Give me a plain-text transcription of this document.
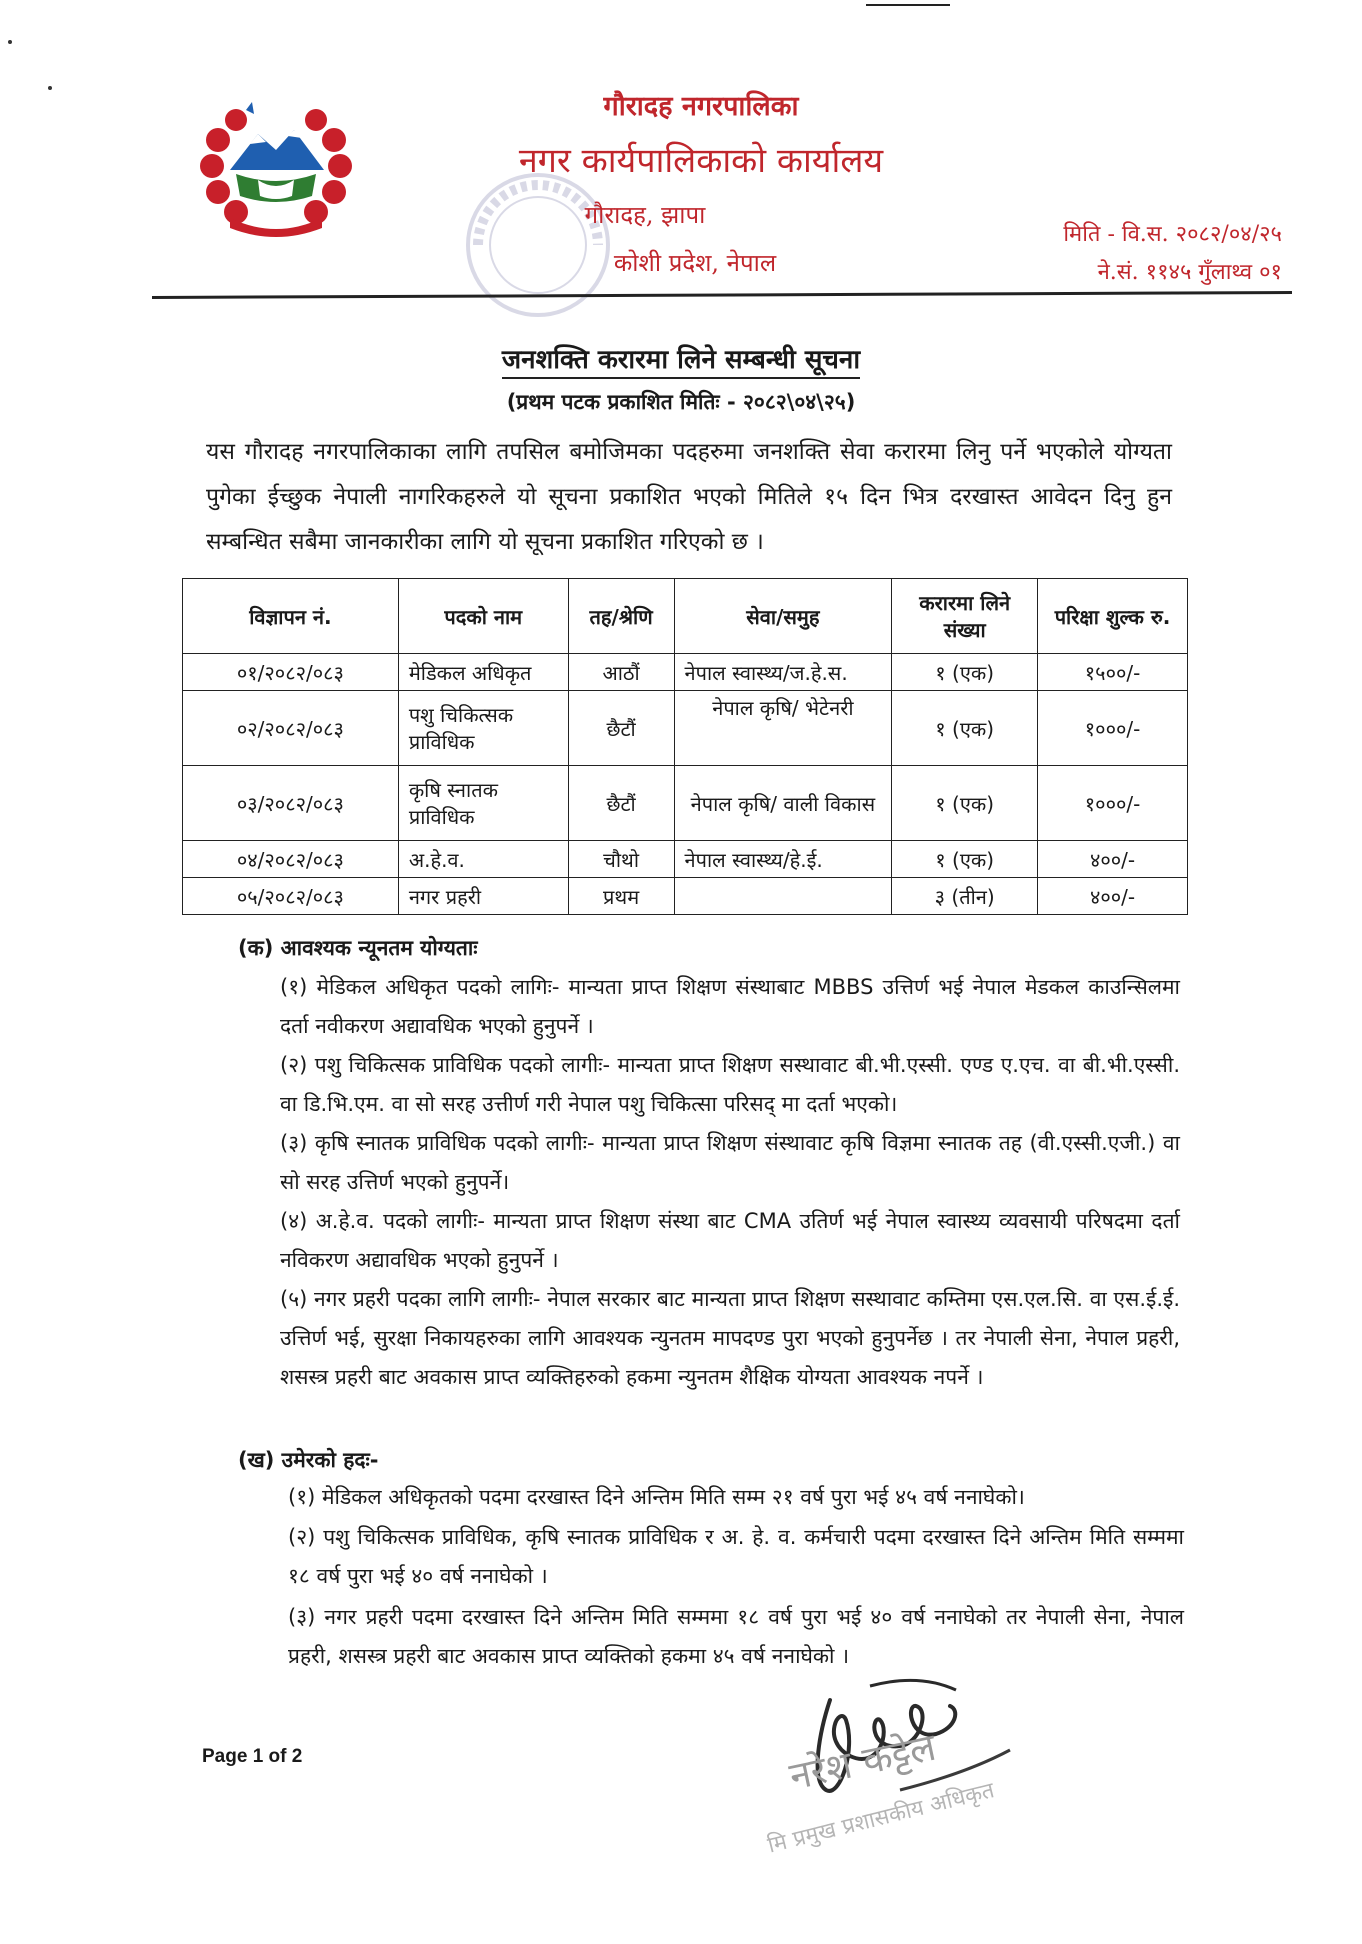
गौरादह नगरपालिका
नगर कार्यपालिकाको कार्यालय
गौरादह, झापा
कोशी प्रदेश, नेपाल
मिति - वि.स. २०८२/०४/२५
ने.सं. ११४५ गुँलाथ्व ०१
जनशक्ति करारमा लिने सम्बन्धी सूचना
(प्रथम पटक प्रकाशित मितिः - २०८२\०४\२५)
यस गौरादह नगरपालिकाका लागि तपसिल बमोजिमका पदहरुमा जनशक्ति सेवा करारमा लिनु पर्ने भएकोले योग्यता पुगेका ईच्छुक नेपाली नागरिकहरुले यो सूचना प्रकाशित भएको मितिले १५ दिन भित्र दरखास्त आवेदन दिनु हुन सम्बन्धित सबैमा जानकारीका लागि यो सूचना प्रकाशित गरिएको छ ।
विज्ञापन नं.	पदको नाम	तह/श्रेणि	सेवा/समुह	करारमा लिने संख्या	परिक्षा शुल्क रु.
०१/२०८२/०८३	मेडिकल अधिकृत	आठौं	नेपाल स्वास्थ्य/ज.हे.स.	१ (एक)	१५००/-
०२/२०८२/०८३	पशु चिकित्सक प्राविधिक	छैटौं	नेपाल कृषि/ भेटेनरी	१ (एक)	१०००/-
०३/२०८२/०८३	कृषि स्नातक प्राविधिक	छैटौं	नेपाल कृषि/ वाली विकास	१ (एक)	१०००/-
०४/२०८२/०८३	अ.हे.व.	चौथो	नेपाल स्वास्थ्य/हे.ई.	१ (एक)	४००/-
०५/२०८२/०८३	नगर प्रहरी	प्रथम		३ (तीन)	४००/-
(क) आवश्यक न्यूनतम योग्यताः
(१) मेडिकल अधिकृत पदको लागिः- मान्यता प्राप्त शिक्षण संस्थाबाट MBBS उत्तिर्ण भई नेपाल मेडकल काउन्सिलमा दर्ता नवीकरण अद्यावधिक भएको हुनुपर्ने ।
(२) पशु चिकित्सक प्राविधिक पदको लागीः- मान्यता प्राप्त शिक्षण सस्थावाट बी.भी.एस्सी. एण्ड ए.एच. वा बी.भी.एस्सी. वा डि.भि.एम. वा सो सरह उत्तीर्ण गरी नेपाल पशु चिकित्सा परिसद् मा दर्ता भएको।
(३) कृषि स्नातक प्राविधिक पदको लागीः- मान्यता प्राप्त शिक्षण संस्थावाट कृषि विज्ञमा स्नातक तह (वी.एस्सी.एजी.) वा सो सरह उत्तिर्ण भएको हुनुपर्ने।
(४) अ.हे.व. पदको लागीः- मान्यता प्राप्त शिक्षण संस्था बाट CMA उतिर्ण भई नेपाल स्वास्थ्य व्यवसायी परिषदमा दर्ता नविकरण अद्यावधिक भएको हुनुपर्ने ।
(५) नगर प्रहरी पदका लागि लागीः- नेपाल सरकार बाट मान्यता प्राप्त शिक्षण सस्थावाट कम्तिमा एस.एल.सि. वा एस.ई.ई. उत्तिर्ण भई, सुरक्षा निकायहरुका लागि आवश्यक न्युनतम मापदण्ड पुरा भएको हुनुपर्नेछ । तर नेपाली सेना, नेपाल प्रहरी, शसस्त्र प्रहरी बाट अवकास प्राप्त व्यक्तिहरुको हकमा न्युनतम शैक्षिक योग्यता आवश्यक नपर्ने ।
(ख) उमेरको हदः-
(१) मेडिकल अधिकृतको पदमा दरखास्त दिने अन्तिम मिति सम्म २१ वर्ष पुरा भई ४५ वर्ष ननाघेको।
(२) पशु चिकित्सक प्राविधिक, कृषि स्नातक प्राविधिक र अ. हे. व. कर्मचारी पदमा दरखास्त दिने अन्तिम मिति सम्ममा १८ वर्ष पुरा भई ४० वर्ष ननाघेको ।
(३) नगर प्रहरी पदमा दरखास्त दिने अन्तिम मिति सम्ममा १८ वर्ष पुरा भई ४० वर्ष ननाघेको तर नेपाली सेना, नेपाल प्रहरी, शसस्त्र प्रहरी बाट अवकास प्राप्त व्यक्तिको हकमा ४५ वर्ष ननाघेको ।
Page 1 of 2	नरेश कट्टेल
मि प्रमुख प्रशासकीय अधिकृत
